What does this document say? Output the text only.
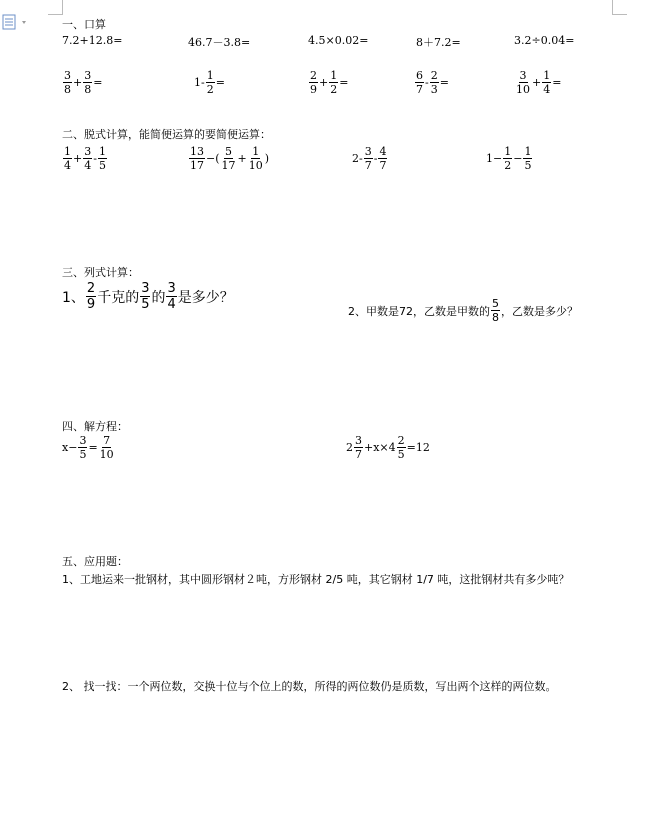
一、口算
7.2+12.8=	46.7－3.8=	4.5×0.02=	8＋7.2=	3.2÷0.04=
$\frac{3}{8} + \frac{3}{8}$ =	$1- \frac{1}{2}$ =	$\frac{2}{9} + \frac{1}{2}$ =	$\frac{6}{7} - \frac{2}{3}$ =	$\frac{3}{10} + \frac{1}{4}$ =
二、脱式计算，能简便运算的要简便运算：
$\frac{1}{4} + \frac{3}{4} - \frac{1}{5}$	$\frac{13}{17}$ −( $\frac{5}{17} + \frac{1}{10}$ )	$2- \frac{3}{7} - \frac{4}{7}$	$1- \frac{1}{2} - \frac{1}{5}$
三、列式计算：
1、 $\frac{2}{9}$ 千克的 $\frac{3}{5}$ 的 $\frac{3}{4}$ 是多少？
2、甲数是72，乙数是甲数的 $\frac{5}{8}$ ，乙数是多少？
四、解方程：
$x- \frac{3}{5} = \frac{7}{10}$	$2 \frac{3}{7} +x\times 4 \frac{2}{5} =12$
五、应用题：
1、工地运来一批钢材，其中圆形钢材２吨，方形钢材 2/5 吨，其它钢材 1/7 吨，这批钢材共有多少吨？
2、 找一找：一个两位数，交换十位与个位上的数，所得的两位数仍是质数，写出两个这样的两位数。
